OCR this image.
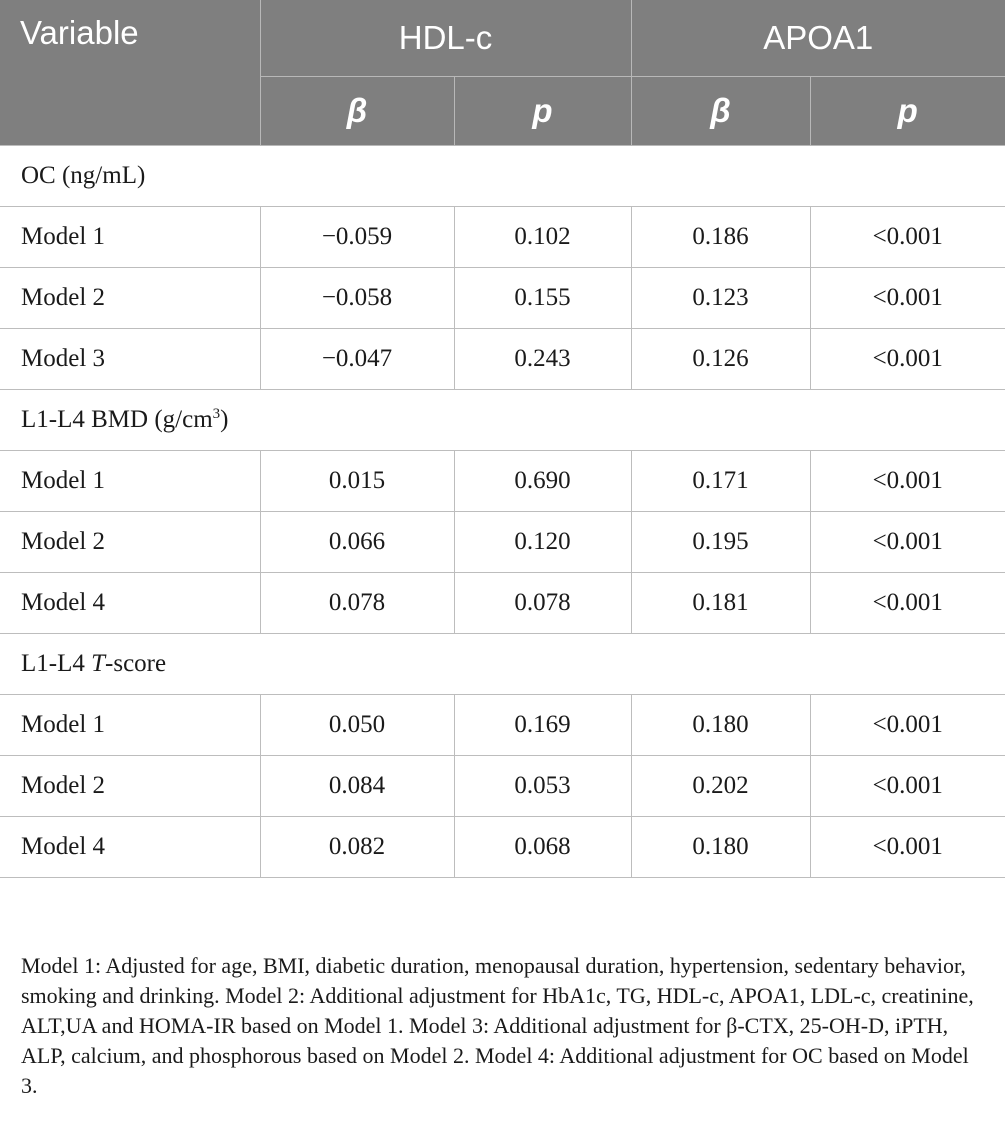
Variable	HDL-c		APOA1	
	β	p	β	p
OC (ng/mL)				
Model 1	−0.059	0.102	0.186	<0.001
Model 2	−0.058	0.155	0.123	<0.001
Model 3	−0.047	0.243	0.126	<0.001
L1-L4 BMD $(g/cm^3)$				
Model 1	0.015	0.690	0.171	<0.001
Model 2	0.066	0.120	0.195	<0.001
Model 4	0.078	0.078	0.181	<0.001
L1-L4 T-score				
Model 1	0.050	0.169	0.180	<0.001
Model 2	0.084	0.053	0.202	<0.001
Model 4	0.082	0.068	0.180	<0.001

Model 1: Adjusted for age, BMI, diabetic duration, menopausal duration, hypertension, sedentary behavior, smoking and drinking. Model 2: Additional adjustment for HbA1c, TG, HDL-c, APOA1, LDL-c, creatinine, ALT,UA and HOMA-IR based on Model 1. Model 3: Additional adjustment for β-CTX, 25-OH-D, iPTH, ALP, calcium, and phosphorous based on Model 2. Model 4: Additional adjustment for OC based on Model 3.
